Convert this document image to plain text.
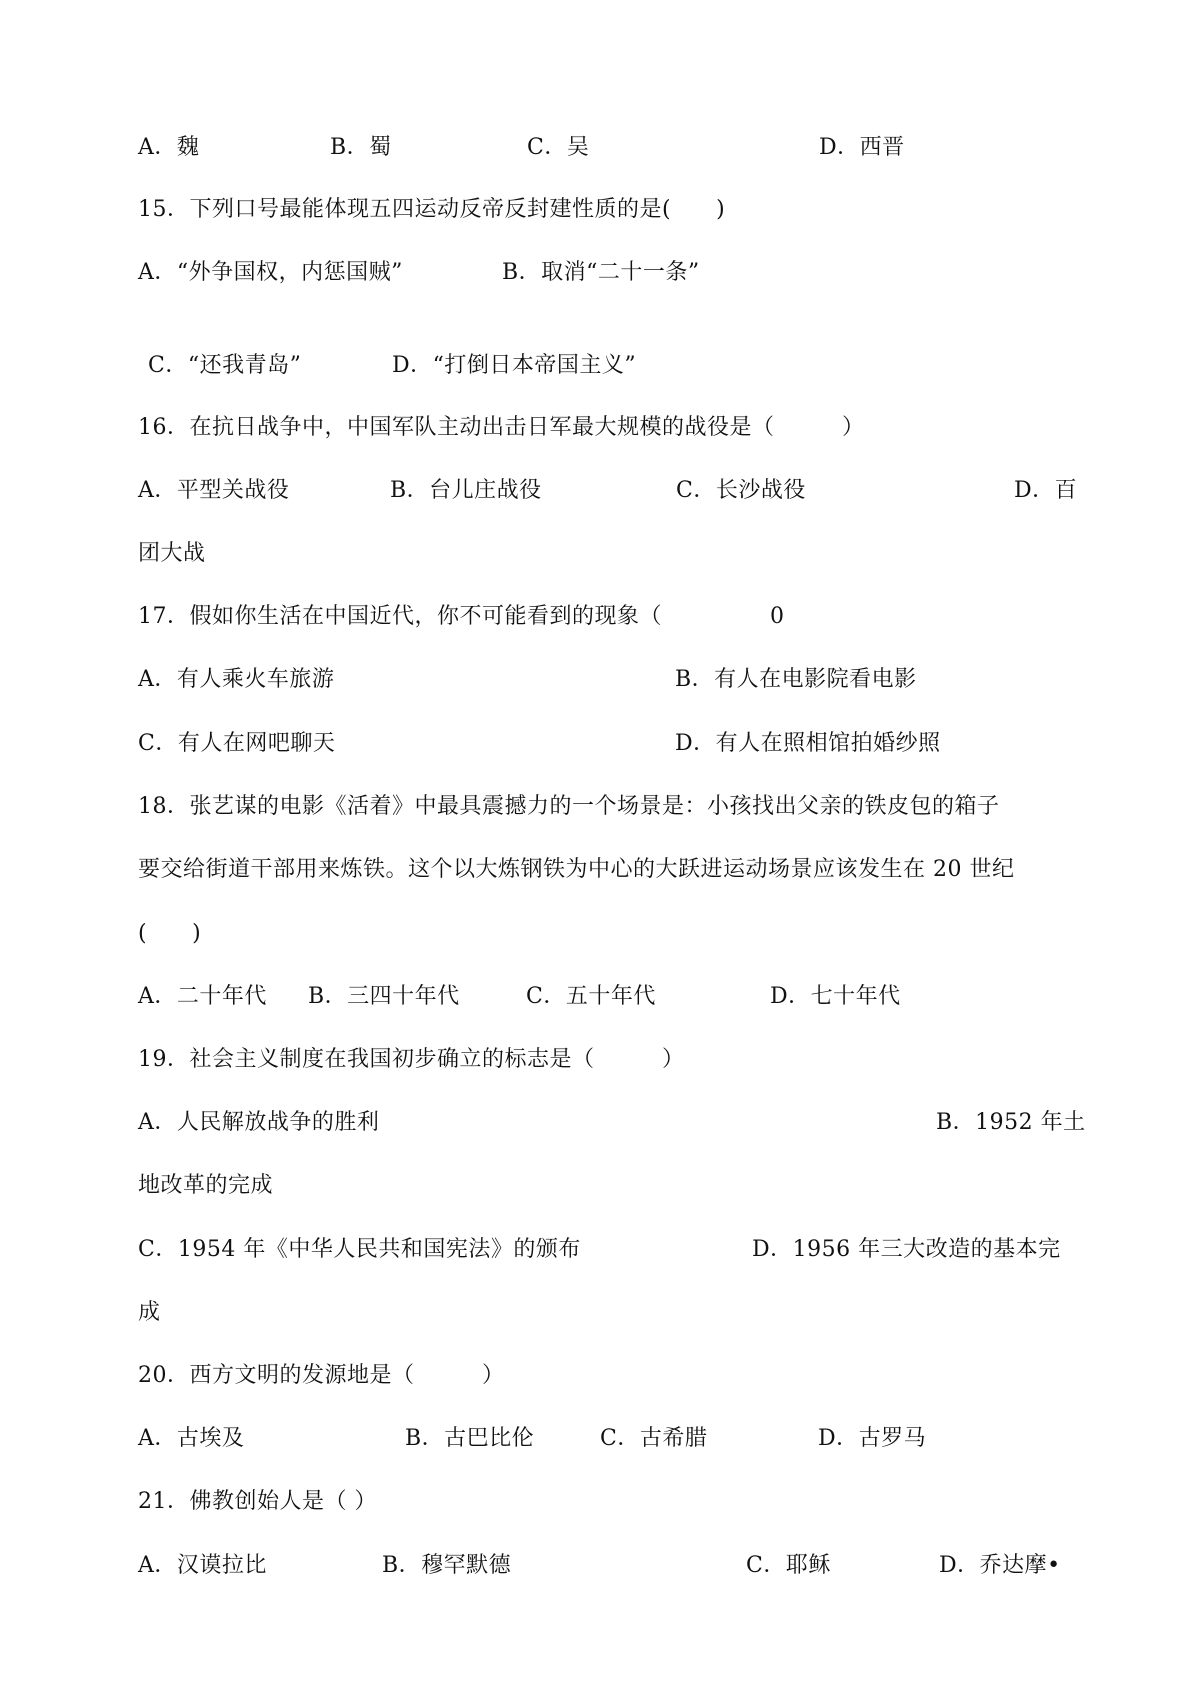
A．魏	B．蜀	C．吴	D．西晋
15．下列口号最能体现五四运动反帝反封建性质的是(　　)
A．“外争国权，内惩国贼”	B．取消“二十一条”
C．“还我青岛”	D．“打倒日本帝国主义”
16．在抗日战争中，中国军队主动出击日军最大规模的战役是（　　　）
A．平型关战役	B．台儿庄战役	C．长沙战役	D．百
团大战
17．假如你生活在中国近代，你不可能看到的现象（	0
A．有人乘火车旅游	B．有人在电影院看电影
C．有人在网吧聊天	D．有人在照相馆拍婚纱照
18．张艺谋的电影《活着》中最具震撼力的一个场景是：小孩找出父亲的铁皮包的箱子
要交给街道干部用来炼铁。这个以大炼钢铁为中心的大跃进运动场景应该发生在 20 世纪
(　　)
A．二十年代 B．三四十年代	C．五十年代	D．七十年代
19．社会主义制度在我国初步确立的标志是（　　　）
A．人民解放战争的胜利	B．1952 年土
地改革的完成
C．1954 年《中华人民共和国宪法》的颁布	D．1956 年三大改造的基本完
成
20．西方文明的发源地是（　　　）
A．古埃及	B．古巴比伦	C．古希腊	D．古罗马
21．佛教创始人是（ ）
A．汉谟拉比	B．穆罕默德	C．耶稣	D．乔达摩•
